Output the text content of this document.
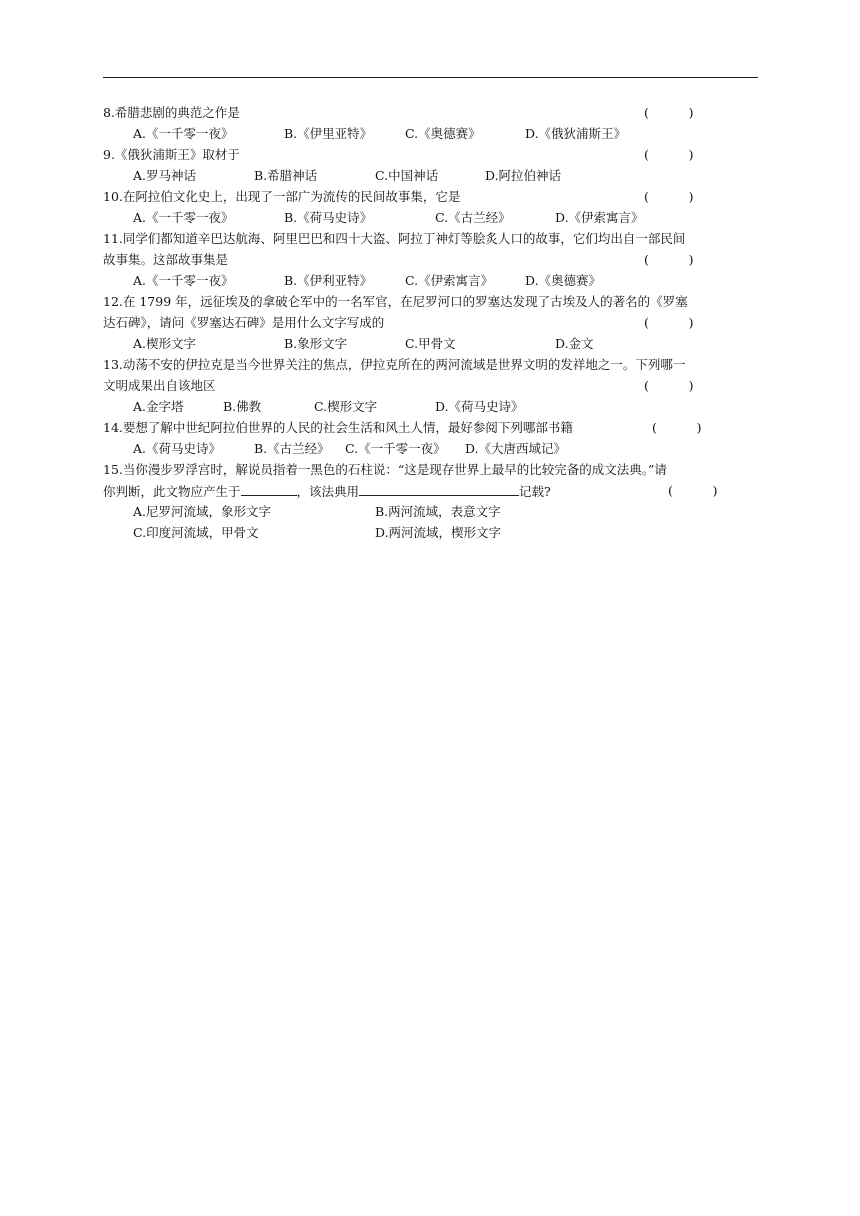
8.希腊悲剧的典范之作是	(          )
A.《一千零一夜》	B.《伊里亚特》	C.《奥德赛》	D.《俄狄浦斯王》
9.《俄狄浦斯王》取材于	(          )
A.罗马神话	B.希腊神话	C.中国神话	D.阿拉伯神话
10.在阿拉伯文化史上，出现了一部广为流传的民间故事集，它是	(          )
A.《一千零一夜》	B.《荷马史诗》	C.《古兰经》	D.《伊索寓言》
11.同学们都知道辛巴达航海、阿里巴巴和四十大盗、阿拉丁神灯等脍炙人口的故事，它们均出自一部民间
故事集。这部故事集是	(          )
A.《一千零一夜》	B.《伊利亚特》	C.《伊索寓言》	D.《奥德赛》
12.在 1799 年，远征埃及的拿破仑军中的一名军官，在尼罗河口的罗塞达发现了古埃及人的著名的《罗塞
达石碑》，请问《罗塞达石碑》是用什么文字写成的	(          )
A.楔形文字	B.象形文字	C.甲骨文	D.金文
13.动荡不安的伊拉克是当今世界关注的焦点，伊拉克所在的两河流域是世界文明的发祥地之一。下列哪一
文明成果出自该地区	(          )
A.金字塔	B.佛教	C.楔形文字	D.《荷马史诗》
14.要想了解中世纪阿拉伯世界的人民的社会生活和风土人情，最好参阅下列哪部书籍	(          )
A.《荷马史诗》	B.《古兰经》 C.《一千零一夜》 D.《大唐西域记》
15.当你漫步罗浮宫时，解说员指着一黑色的石柱说：“这是现存世界上最早的比较完备的成文法典。”请
你判断，此文物应产生于	，该法典用	记载?	(          )
A.尼罗河流域，象形文字	B.两河流域，表意文字
C.印度河流域，甲骨文	D.两河流域，楔形文字
